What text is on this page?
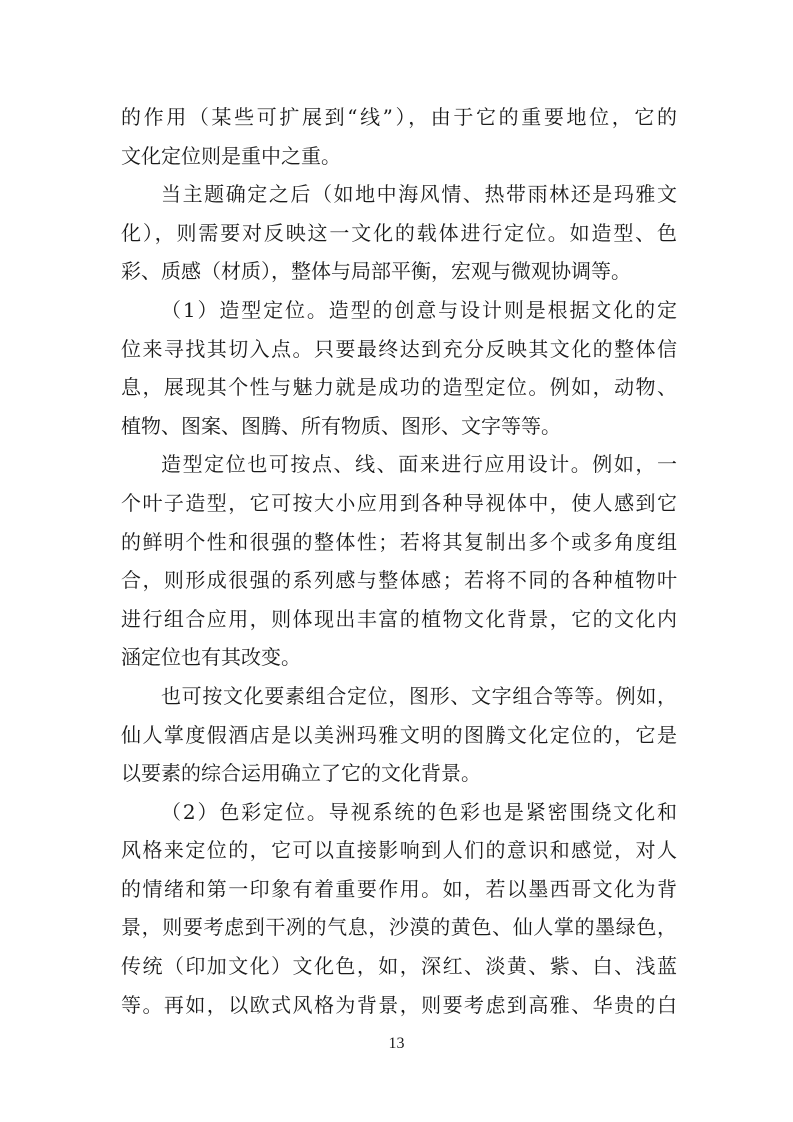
的作用（某些可扩展到“线”），由于它的重要地位，它的
文化定位则是重中之重。
当主题确定之后（如地中海风情、热带雨林还是玛雅文
化），则需要对反映这一文化的载体进行定位。如造型、色
彩、质感（材质），整体与局部平衡，宏观与微观协调等。
（1）造型定位。造型的创意与设计则是根据文化的定
位来寻找其切入点。只要最终达到充分反映其文化的整体信
息，展现其个性与魅力就是成功的造型定位。例如，动物、
植物、图案、图腾、所有物质、图形、文字等等。
造型定位也可按点、线、面来进行应用设计。例如，一
个叶子造型，它可按大小应用到各种导视体中，使人感到它
的鲜明个性和很强的整体性；若将其复制出多个或多角度组
合，则形成很强的系列感与整体感；若将不同的各种植物叶
进行组合应用，则体现出丰富的植物文化背景，它的文化内
涵定位也有其改变。
也可按文化要素组合定位，图形、文字组合等等。例如，
仙人掌度假酒店是以美洲玛雅文明的图腾文化定位的，它是
以要素的综合运用确立了它的文化背景。
（2）色彩定位。导视系统的色彩也是紧密围绕文化和
风格来定位的，它可以直接影响到人们的意识和感觉，对人
的情绪和第一印象有着重要作用。如，若以墨西哥文化为背
景，则要考虑到干冽的气息，沙漠的黄色、仙人掌的墨绿色，
传统（印加文化）文化色，如，深红、淡黄、紫、白、浅蓝
等。再如，以欧式风格为背景，则要考虑到高雅、华贵的白
13
